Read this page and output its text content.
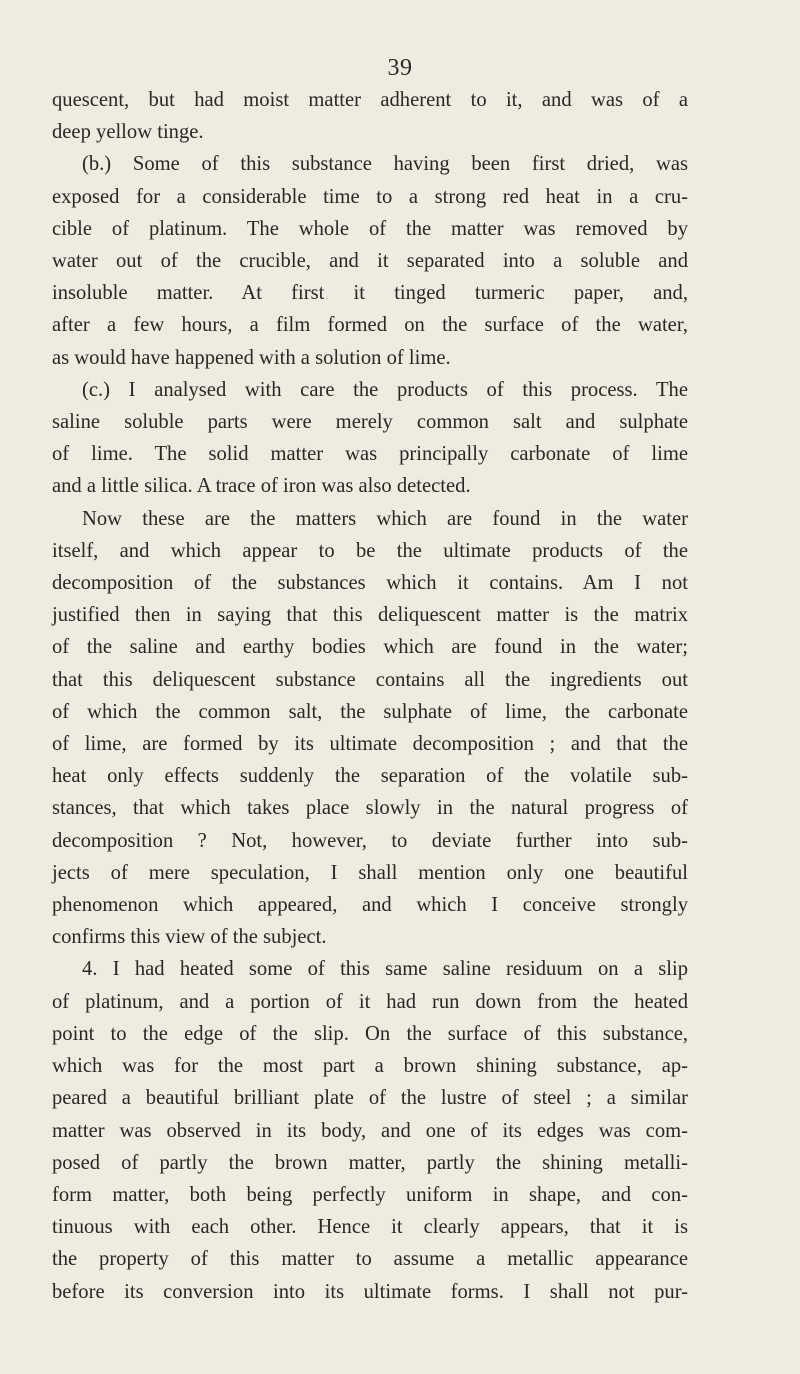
39
quescent, but had moist matter adherent to it, and was of a
deep yellow tinge.
(b.) Some of this substance having been first dried, was
exposed for a considerable time to a strong red heat in a cru-
cible of platinum. The whole of the matter was removed by
water out of the crucible, and it separated into a soluble and
insoluble matter. At first it tinged turmeric paper, and,
after a few hours, a film formed on the surface of the water,
as would have happened with a solution of lime.
(c.) I analysed with care the products of this process. The
saline soluble parts were merely common salt and sulphate
of lime. The solid matter was principally carbonate of lime
and a little silica. A trace of iron was also detected.
Now these are the matters which are found in the water
itself, and which appear to be the ultimate products of the
decomposition of the substances which it contains. Am I not
justified then in saying that this deliquescent matter is the matrix
of the saline and earthy bodies which are found in the water;
that this deliquescent substance contains all the ingredients out
of which the common salt, the sulphate of lime, the carbonate
of lime, are formed by its ultimate decomposition ; and that the
heat only effects suddenly the separation of the volatile sub-
stances, that which takes place slowly in the natural progress of
decomposition ? Not, however, to deviate further into sub-
jects of mere speculation, I shall mention only one beautiful
phenomenon which appeared, and which I conceive strongly
confirms this view of the subject.
4. I had heated some of this same saline residuum on a slip
of platinum, and a portion of it had run down from the heated
point to the edge of the slip. On the surface of this substance,
which was for the most part a brown shining substance, ap-
peared a beautiful brilliant plate of the lustre of steel ; a similar
matter was observed in its body, and one of its edges was com-
posed of partly the brown matter, partly the shining metalli-
form matter, both being perfectly uniform in shape, and con-
tinuous with each other. Hence it clearly appears, that it is
the property of this matter to assume a metallic appearance
before its conversion into its ultimate forms. I shall not pur-
